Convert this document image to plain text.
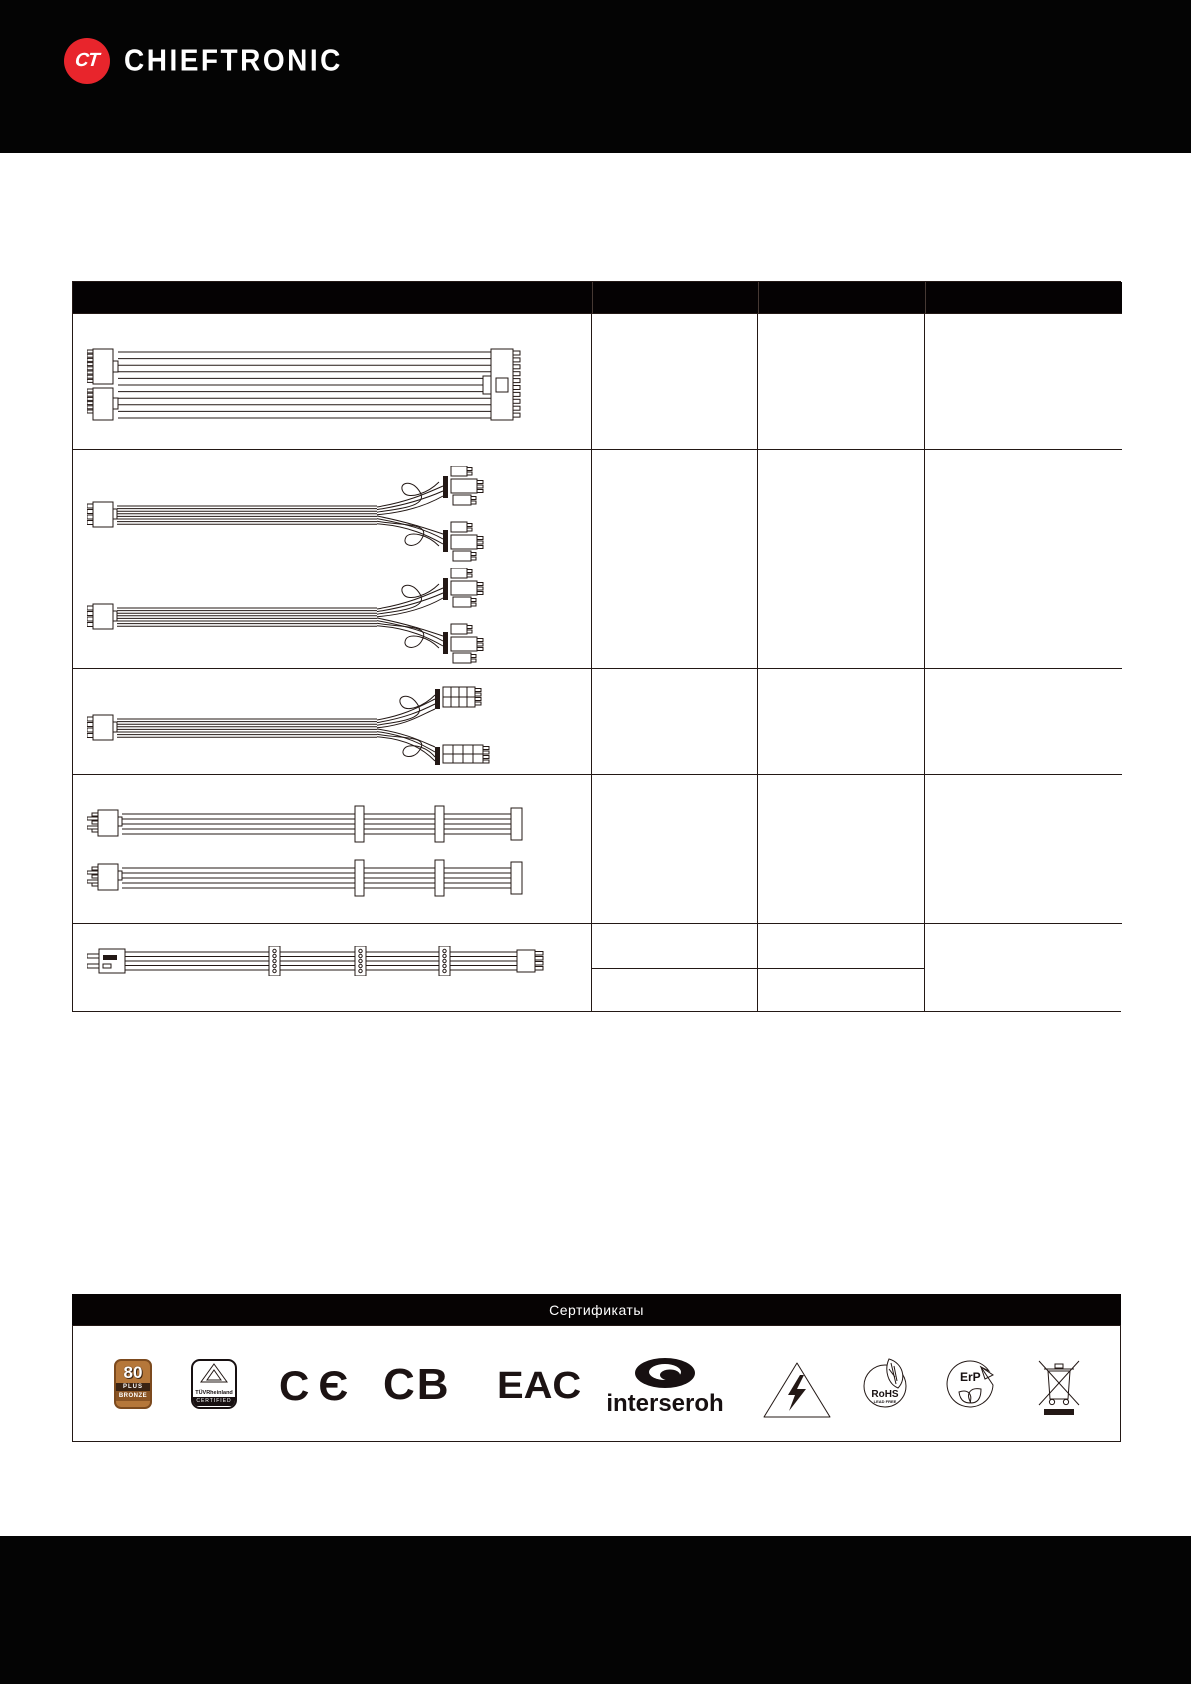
CT CHIEFTRONIC
Сертификаты
80
PLUS
BRONZE	TÜVRheinland
CERTIFIED CЄ CB EAC interseroh	RoHS
LEAD FREE
ErP
